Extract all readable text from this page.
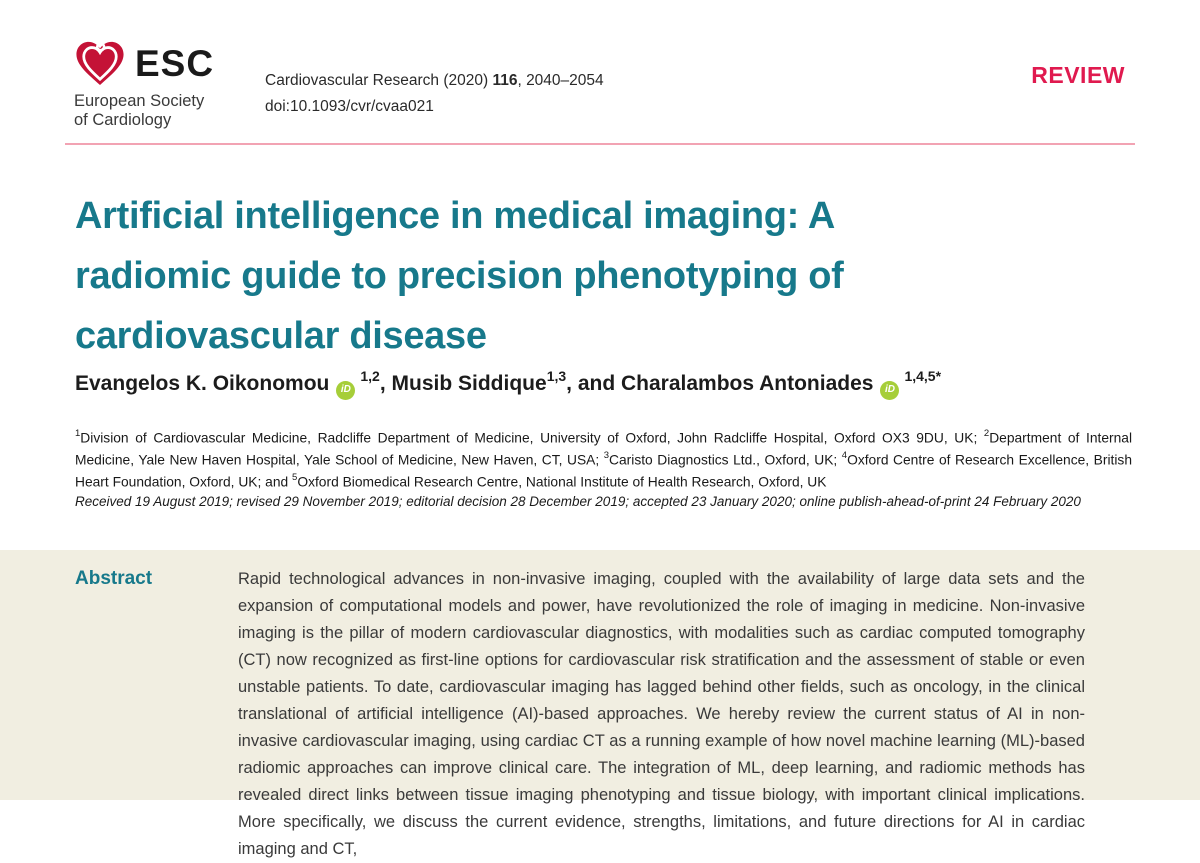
ESC
European Society
of Cardiology
Cardiovascular Research (2020) 116, 2040–2054
doi:10.1093/cvr/cvaa021
REVIEW
Artificial intelligence in medical imaging: A radiomic guide to precision phenotyping of cardiovascular disease
Evangelos K. Oikonomou iD$^{1,2}$, Musib Siddique$^{1,3}$, and Charalambos Antoniades $iD^{1,4,5*}$

$^1$Division of Cardiovascular Medicine, Radcliffe Department of Medicine, University of Oxford, John Radcliffe Hospital, Oxford OX3 9DU, UK; $^2$Department of Internal Medicine, Yale New Haven Hospital, Yale School of Medicine, New Haven, CT, USA; $^3$Caristo Diagnostics Ltd., Oxford, UK; $^4$Oxford Centre of Research Excellence, British Heart Foundation, Oxford, UK; and $^5$Oxford Biomedical Research Centre, National Institute of Health Research, Oxford, UK

Received 19 August 2019; revised 29 November 2019; editorial decision 28 December 2019; accepted 23 January 2020; online publish-ahead-of-print 24 February 2020

Abstract	Rapid technological advances in non-invasive imaging, coupled with the availability of large data sets and the expansion of computational models and power, have revolutionized the role of imaging in medicine. Non-invasive imaging is the pillar of modern cardiovascular diagnostics, with modalities such as cardiac computed tomography (CT) now recognized as first-line options for cardiovascular risk stratification and the assessment of stable or even unstable patients. To date, cardiovascular imaging has lagged behind other fields, such as oncology, in the clinical translational of artificial intelligence (AI)-based approaches. We hereby review the current status of AI in non-invasive cardiovascular imaging, using cardiac CT as a running example of how novel machine learning (ML)-based radiomic approaches can improve clinical care. The integration of ML, deep learning, and radiomic methods has revealed direct links between tissue imaging phenotyping and tissue biology, with important clinical implications. More specifically, we discuss the current evidence, strengths, limitations, and future directions for AI in cardiac imaging and CT,
